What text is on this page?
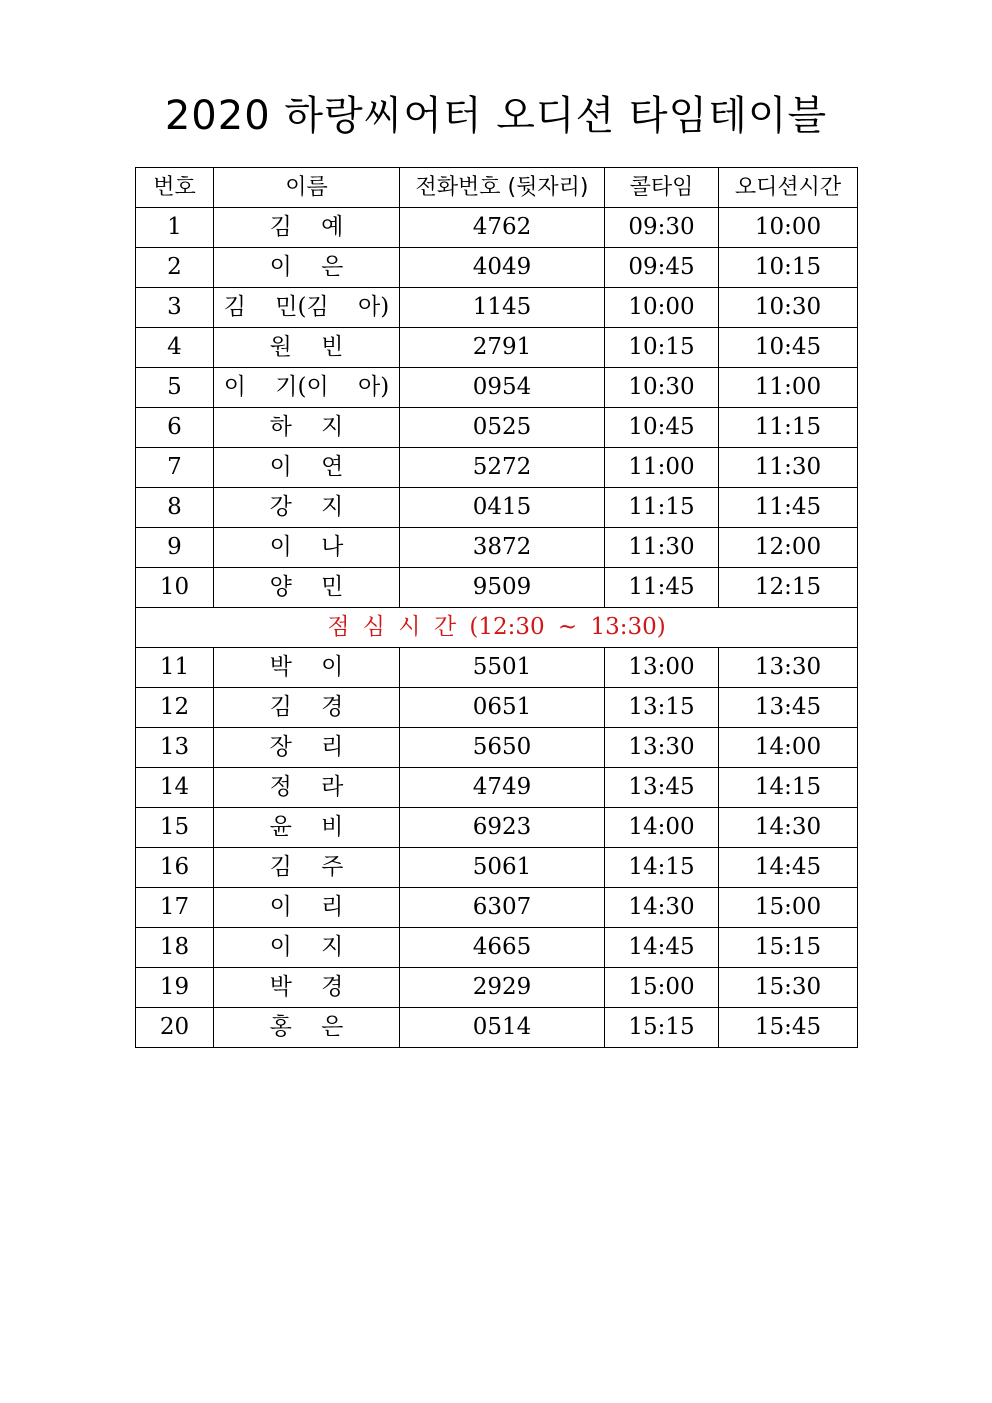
2020 하랑씨어터 오디션 타임테이블
번호	이름	전화번호 (뒷자리)	콜타임	오디션시간
1	김 예	4762	09:30	10:00
2	이 은	4049	09:45	10:15
3	김 민(김 아)	1145	10:00	10:30
4	원 빈	2791	10:15	10:45
5	이 기(이 아)	0954	10:30	11:00
6	하 지	0525	10:45	11:15
7	이 연	5272	11:00	11:30
8	강 지	0415	11:15	11:45
9	이 나	3872	11:30	12:00
10	양 민	9509	11:45	12:15
점 심 시 간 (12:30 ~ 13:30)				
11	박 이	5501	13:00	13:30
12	김 경	0651	13:15	13:45
13	장 리	5650	13:30	14:00
14	정 라	4749	13:45	14:15
15	윤 비	6923	14:00	14:30
16	김 주	5061	14:15	14:45
17	이 리	6307	14:30	15:00
18	이 지	4665	14:45	15:15
19	박 경	2929	15:00	15:30
20	홍 은	0514	15:15	15:45
